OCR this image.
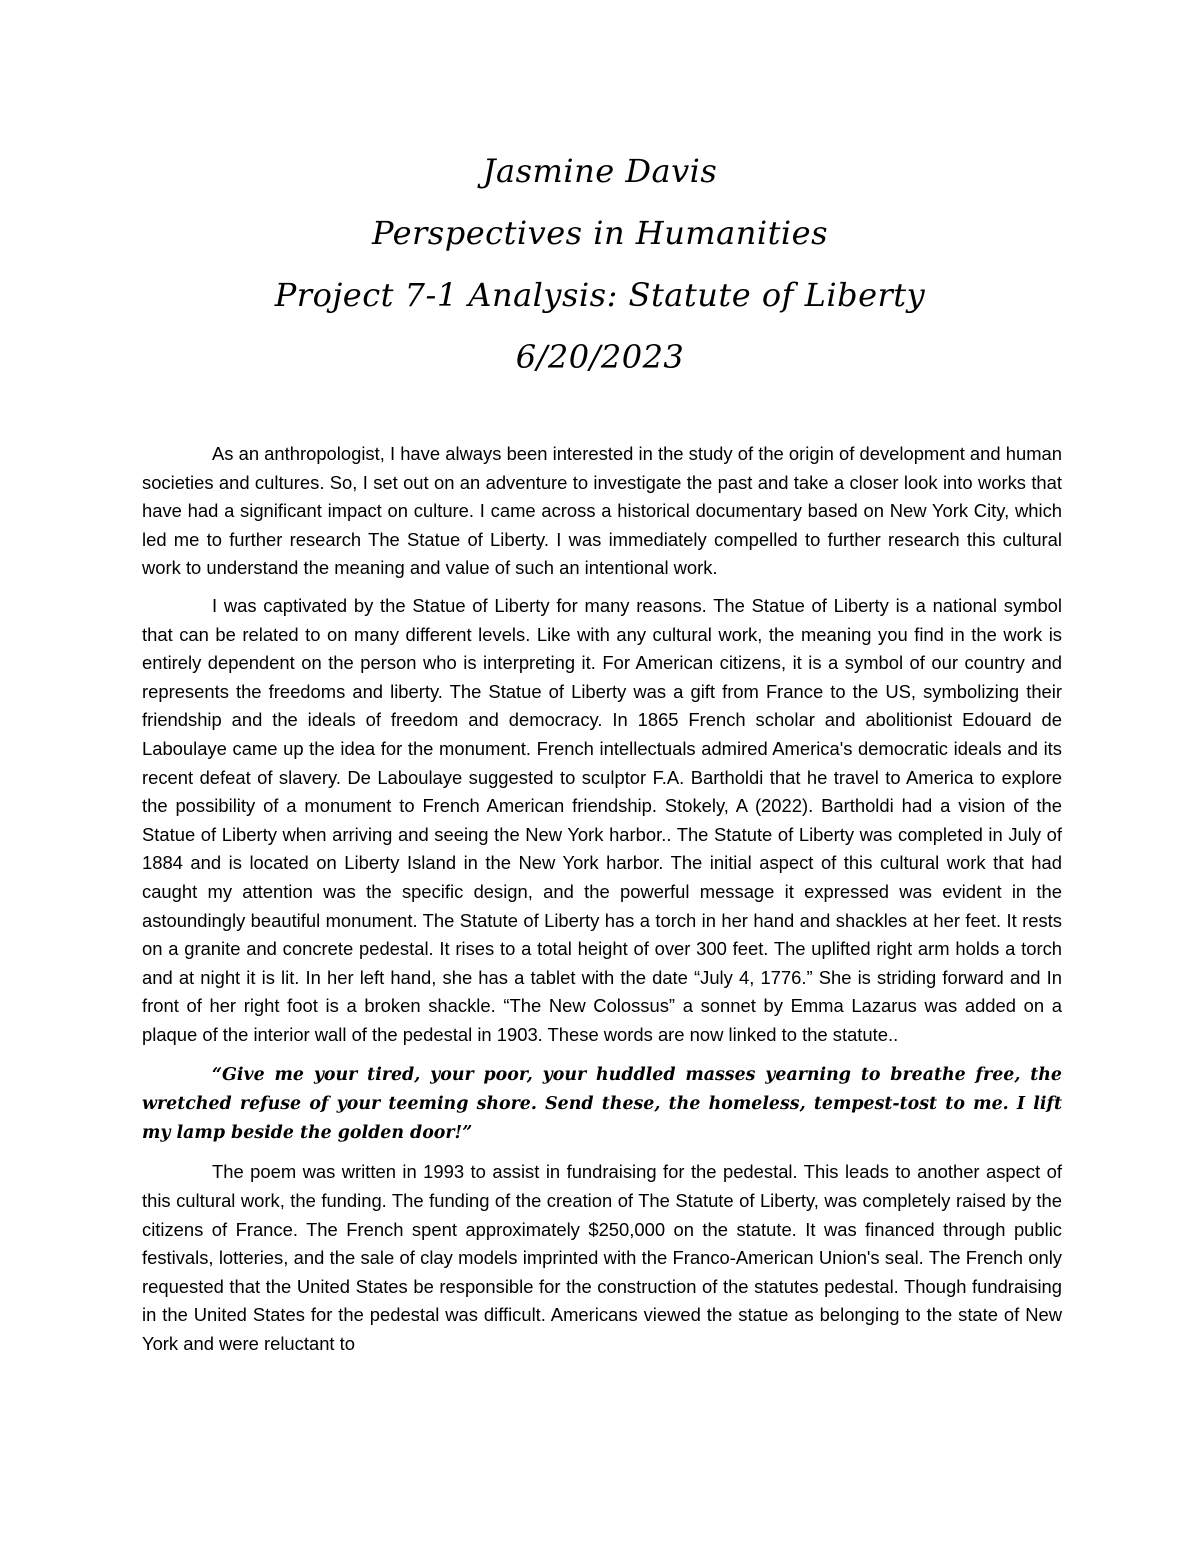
Jasmine Davis
Perspectives in Humanities
Project 7-1 Analysis: Statute of Liberty
6/20/2023

As an anthropologist, I have always been interested in the study of the origin of development and human societies and cultures. So, I set out on an adventure to investigate the past and take a closer look into works that have had a significant impact on culture. I came across a historical documentary based on New York City, which led me to further research The Statue of Liberty. I was immediately compelled to further research this cultural work to understand the meaning and value of such an intentional work.

I was captivated by the Statue of Liberty for many reasons. The Statue of Liberty is a national symbol that can be related to on many different levels. Like with any cultural work, the meaning you find in the work is entirely dependent on the person who is interpreting it. For American citizens, it is a symbol of our country and represents the freedoms and liberty. The Statue of Liberty was a gift from France to the US, symbolizing their friendship and the ideals of freedom and democracy. In 1865 French scholar and abolitionist Edouard de Laboulaye came up the idea for the monument. French intellectuals admired America's democratic ideals and its recent defeat of slavery. De Laboulaye suggested to sculptor F.A. Bartholdi that he travel to America to explore the possibility of a monument to French American friendship. Stokely, A (2022). Bartholdi had a vision of the Statue of Liberty when arriving and seeing the New York harbor.. The Statute of Liberty was completed in July of 1884 and is located on Liberty Island in the New York harbor. The initial aspect of this cultural work that had caught my attention was the specific design, and the powerful message it expressed was evident in the astoundingly beautiful monument. The Statute of Liberty has a torch in her hand and shackles at her feet. It rests on a granite and concrete pedestal. It rises to a total height of over 300 feet. The uplifted right arm holds a torch and at night it is lit. In her left hand, she has a tablet with the date “July 4, 1776.” She is striding forward and In front of her right foot is a broken shackle. “The New Colossus” a sonnet by Emma Lazarus was added on a plaque of the interior wall of the pedestal in 1903. These words are now linked to the statute..

“Give me your tired, your poor, your huddled masses yearning to breathe free, the wretched refuse of your teeming shore. Send these, the homeless, tempest-tost to me. I lift my lamp beside the golden door!”

The poem was written in 1993 to assist in fundraising for the pedestal. This leads to another aspect of this cultural work, the funding. The funding of the creation of The Statute of Liberty, was completely raised by the citizens of France. The French spent approximately $250,000 on the statute. It was financed through public festivals, lotteries, and the sale of clay models imprinted with the Franco-American Union's seal. The French only requested that the United States be responsible for the construction of the statutes pedestal. Though fundraising in the United States for the pedestal was difficult. Americans viewed the statue as belonging to the state of New York and were reluctant to
